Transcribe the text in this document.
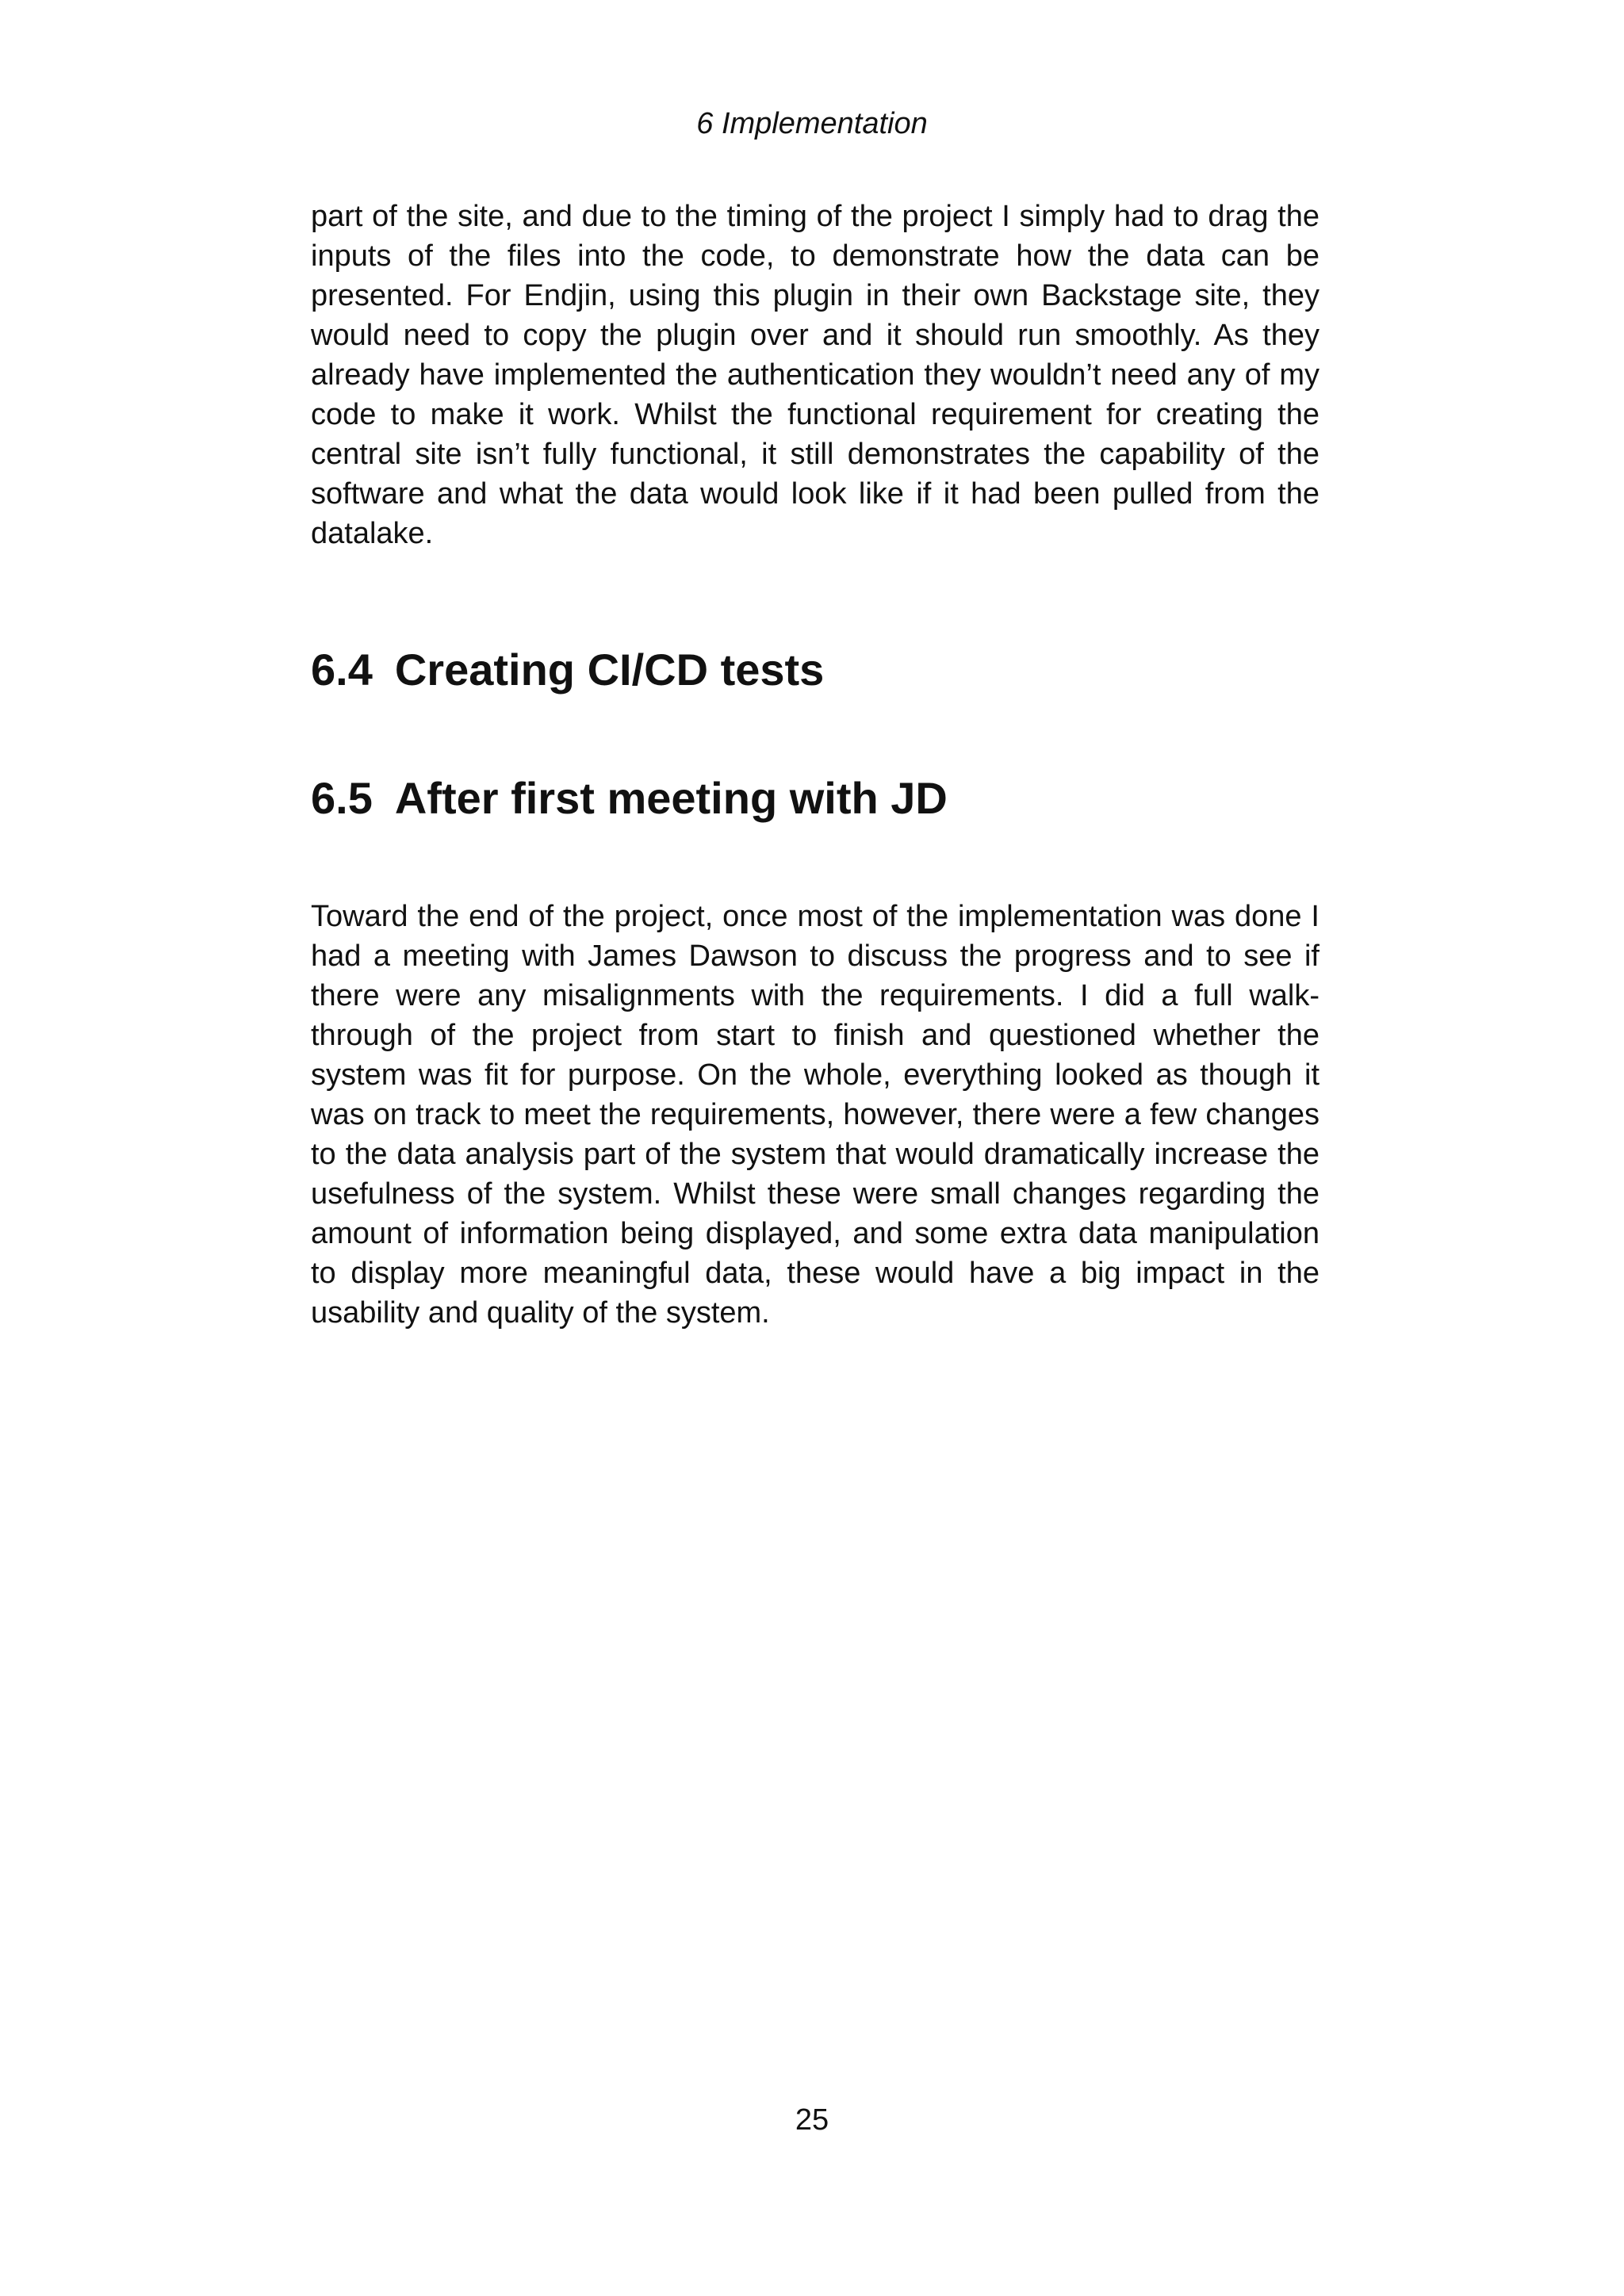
6 Implementation

part of the site, and due to the timing of the project I simply had to drag the inputs of the files into the code, to demonstrate how the data can be presented. For Endjin, using this plugin in their own Backstage site, they would need to copy the plugin over and it should run smoothly. As they already have implemented the authentication they wouldn’t need any of my code to make it work. Whilst the functional requirement for creating the central site isn’t fully functional, it still demonstrates the capability of the software and what the data would look like if it had been pulled from the datalake.

6.4 Creating CI/CD tests
6.5 After first meeting with JD

Toward the end of the project, once most of the implementation was done I had a meeting with James Dawson to discuss the progress and to see if there were any misalignments with the requirements. I did a full walk-through of the project from start to finish and questioned whether the system was fit for purpose. On the whole, everything looked as though it was on track to meet the requirements, however, there were a few changes to the data analysis part of the system that would dramatically increase the usefulness of the system. Whilst these were small changes regarding the amount of information being displayed, and some extra data manipulation to display more meaningful data, these would have a big impact in the usability and quality of the system.

25
